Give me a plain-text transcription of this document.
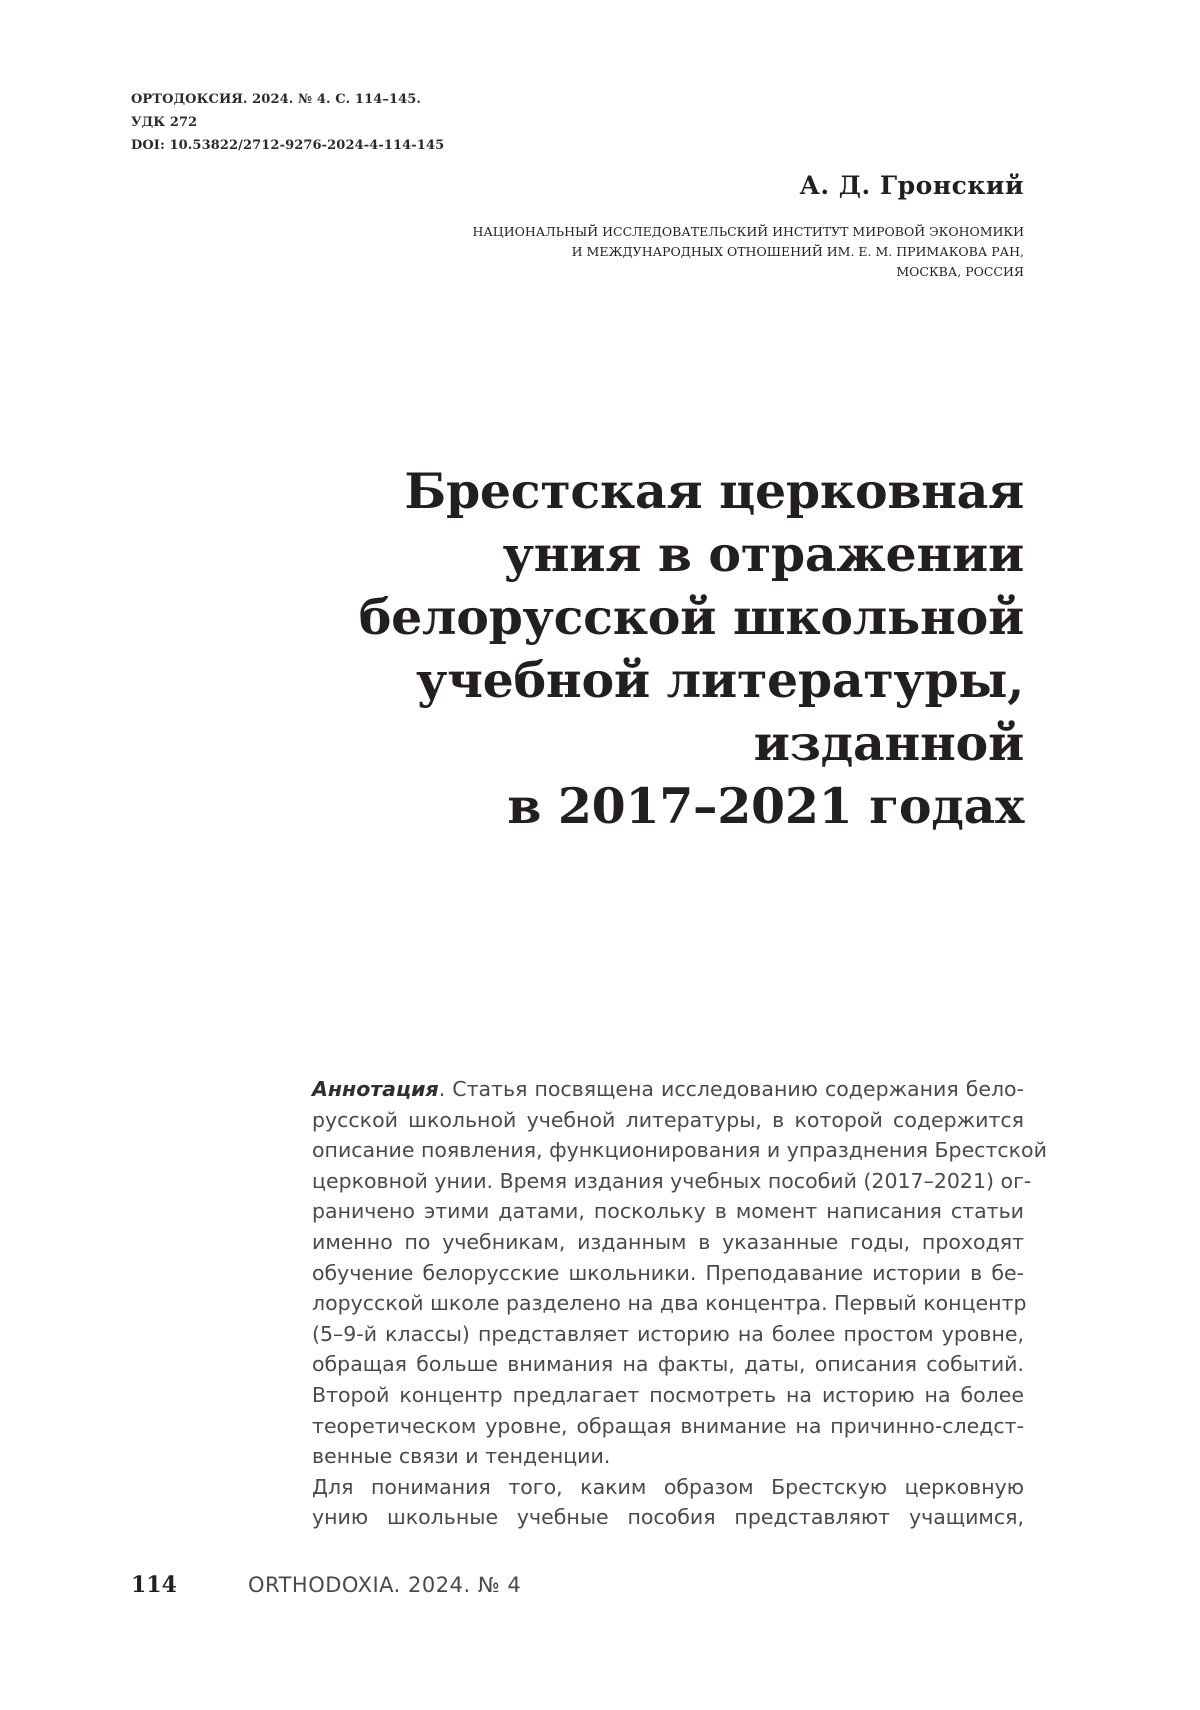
ОРТОДОКСИЯ. 2024. № 4. С. 114–145.
УДК 272
DOI: 10.53822/2712-9276-2024-4-114-145
А. Д. Гронский
НАЦИОНАЛЬНЫЙ ИССЛЕДОВАТЕЛЬСКИЙ ИНСТИТУТ МИРОВОЙ ЭКОНОМИКИ
И МЕЖДУНАРОДНЫХ ОТНОШЕНИЙ ИМ. Е. М. ПРИМАКОВА РАН,
МОСКВА, РОССИЯ
Брестская церковная
уния в отражении
белорусской школьной
учебной литературы,
изданной
в 2017–2021 годах
Аннотация. Статья посвящена исследованию содержания бело-
русской школьной учебной литературы, в которой содержится
описание появления, функционирования и упразднения Брестской
церковной унии. Время издания учебных пособий (2017–2021) ог-
раничено этими датами, поскольку в момент написания статьи
именно по учебникам, изданным в указанные годы, проходят
обучение белорусские школьники. Преподавание истории в бе-
лорусской школе разделено на два концентра. Первый концентр
(5–9-й классы) представляет историю на более простом уровне,
обращая больше внимания на факты, даты, описания событий.
Второй концентр предлагает посмотреть на историю на более
теоретическом уровне, обращая внимание на причинно-следст-
венные связи и тенденции.
Для понимания того, каким образом Брестскую церковную
унию школьные учебные пособия представляют учащимся,
114	ORTHODOXIA. 2024. № 4
